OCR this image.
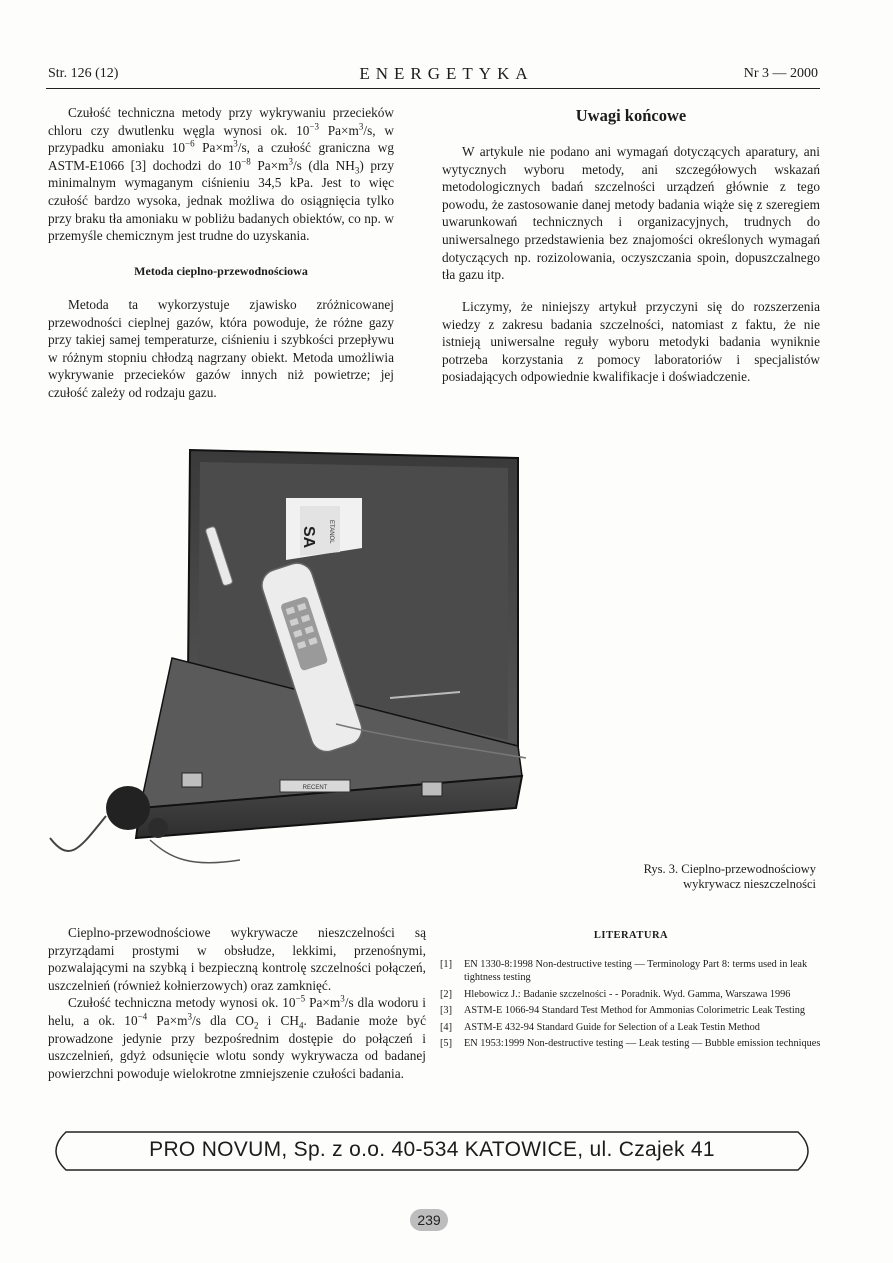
Str. 126 (12)	ENERGETYKA	Nr 3 — 2000

Czułość techniczna metody przy wykrywaniu przecieków chloru czy dwutlenku węgla wynosi ok. $10^{-3}$ $Pa\times m^3/s$, w przypadku amoniaku $10^{-6}$ $Pa\times m^3/s$, a czułość graniczna wg ASTM-E1066 [3] dochodzi do $10^{-8}$ $Pa\times m^3/s$ (dla $NH_3$) przy minimalnym wymaganym ciśnieniu 34,5 kPa. Jest to więc czułość bardzo wysoka, jednak możliwa do osiągnięcia tylko przy braku tła amoniaku w pobliżu badanych obiektów, co np. w przemyśle chemicznym jest trudne do uzyskania.

Metoda cieplno-przewodnościowa

Metoda ta wykorzystuje zjawisko zróżnicowanej przewodności cieplnej gazów, która powoduje, że różne gazy przy takiej samej temperaturze, ciśnieniu i szybkości przepływu w różnym stopniu chłodzą nagrzany obiekt. Metoda umożliwia wykrywanie przecieków gazów innych niż powietrze; jej czułość zależy od rodzaju gazu.

Uwagi końcowe

W artykule nie podano ani wymagań dotyczących aparatury, ani wytycznych wyboru metody, ani szczegółowych wskazań metodologicznych badań szczelności urządzeń głównie z tego powodu, że zastosowanie danej metody badania wiąże się z szeregiem uwarunkowań technicznych i organizacyjnych, trudnych do uniwersalnego przedstawienia bez znajomości określonych wymagań dotyczących np. rozizolowania, oczyszczania spoin, dopuszczalnego tła gazu itp.

Liczymy, że niniejszy artykuł przyczyni się do rozszerzenia wiedzy z zakresu badania szczelności, natomiast z faktu, że nie istnieją uniwersalne reguły wyboru metodyki badania wyniknie potrzeba korzystania z pomocy laboratoriów i specjalistów posiadających odpowiednie kwalifikacje i doświadczenie.

SA ETANOL
RECENT
Rys. 3. Cieplno-przewodnościowy
wykrywacz nieszczelności

Cieplno-przewodnościowe wykrywacze nieszczelności są przyrządami prostymi w obsłudze, lekkimi, przenośnymi, pozwalającymi na szybką i bezpieczną kontrolę szczelności połączeń, uszczelnień (również kołnierzowych) oraz zamknięć.

Czułość techniczna metody wynosi ok. $10^{-5}$ $Pa\times m^3/s$ dla wodoru i helu, a ok. $10^{-4}$ $Pa\times m^3/s$ dla $CO_2$ i $CH_4$. Badanie może być prowadzone jedynie przy bezpośrednim dostępie do połączeń i uszczelnień, gdyż odsunięcie wlotu sondy wykrywacza od badanej powierzchni powoduje wielokrotne zmniejszenie czułości badania.

LITERATURA
[1] EN 1330-8:1998 Non-destructive testing — Terminology Part 8: terms used in leak tightness testing
[2] Hlebowicz J.: Badanie szczelności - - Poradnik. Wyd. Gamma, Warszawa 1996
[3] ASTM-E 1066-94 Standard Test Method for Ammonias Colorimetric Leak Testing
[4] ASTM-E 432-94 Standard Guide for Selection of a Leak Testin Method
[5] EN 1953:1999 Non-destructive testing — Leak testing — Bubble emission techniques
PRO NOVUM, Sp. z o.o. 40-534 KATOWICE, ul. Czajek 41
239
